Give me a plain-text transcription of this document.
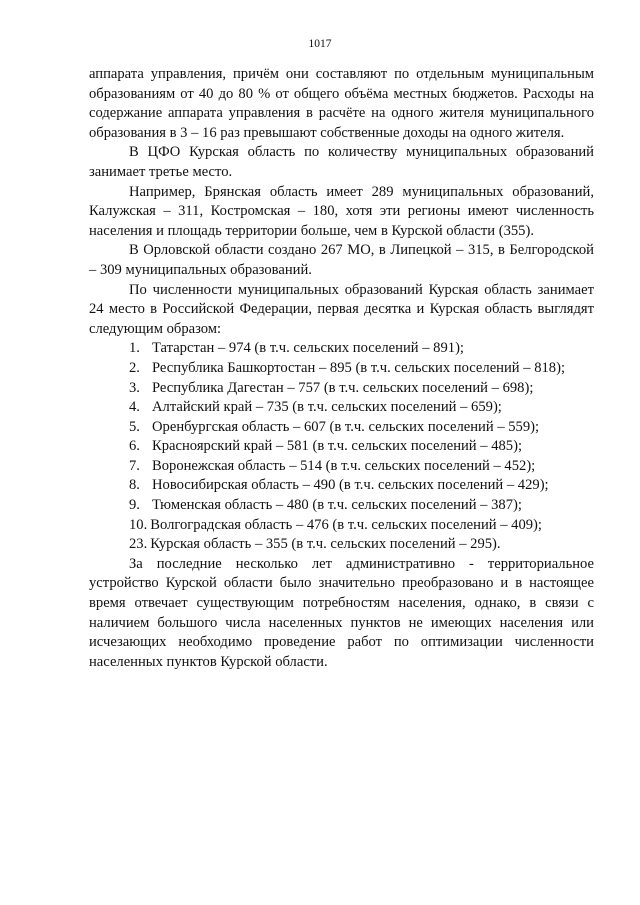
1017

аппарата управления, причём они составляют по отдельным муниципальным образованиям от 40 до 80 % от общего объёма местных бюджетов. Расходы на содержание аппарата управления в расчёте на одного жителя муниципального образования в 3 – 16 раз превышают собственные доходы на одного жителя.

В ЦФО Курская область по количеству муниципальных образований занимает третье место.

Например, Брянская область имеет 289 муниципальных образований, Калужская – 311, Костромская – 180, хотя эти регионы имеют численность населения и площадь территории больше, чем в Курской области (355).

В Орловской области создано 267 МО, в Липецкой – 315, в Белгородской – 309 муниципальных образований.

По численности муниципальных образований Курская область занимает 24 место в Российской Федерации, первая десятка и Курская область выглядят следующим образом:

1. Татарстан – 974 (в т.ч. сельских поселений – 891);
2. Республика Башкортостан – 895 (в т.ч. сельских поселений – 818);
3. Республика Дагестан – 757 (в т.ч. сельских поселений – 698);
4. Алтайский край – 735 (в т.ч. сельских поселений – 659);
5. Оренбургская область – 607 (в т.ч. сельских поселений – 559);
6. Красноярский край – 581 (в т.ч. сельских поселений – 485);
7. Воронежская область – 514 (в т.ч. сельских поселений – 452);
8. Новосибирская область – 490 (в т.ч. сельских поселений – 429);
9. Тюменская область – 480 (в т.ч. сельских поселений – 387);
10. Волгоградская область – 476 (в т.ч. сельских поселений – 409);
23. Курская область – 355 (в т.ч. сельских поселений – 295).

За последние несколько лет административно - территориальное устройство Курской области было значительно преобразовано и в настоящее время отвечает существующим потребностям населения, однако, в связи с наличием большого числа населенных пунктов не имеющих населения или исчезающих необходимо проведение работ по оптимизации численности населенных пунктов Курской области.
